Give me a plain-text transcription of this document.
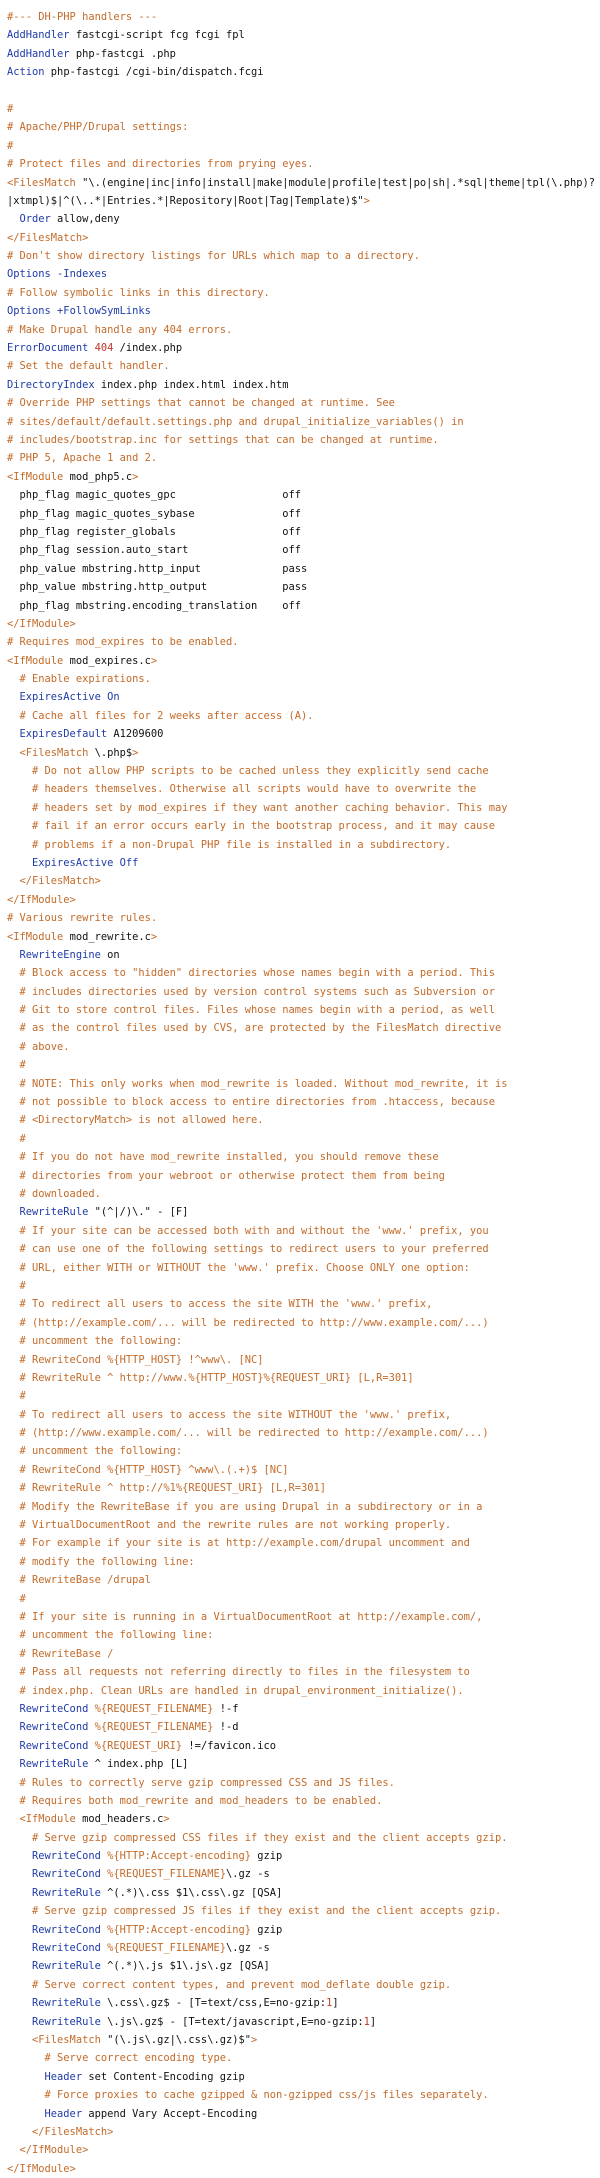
#--- DH-PHP handlers ---
AddHandler fastcgi-script fcg fcgi fpl
AddHandler php-fastcgi .php
Action php-fastcgi /cgi-bin/dispatch.fcgi

#
# Apache/PHP/Drupal settings:
#
# Protect files and directories from prying eyes.
<FilesMatch "\.(engine|inc|info|install|make|module|profile|test|po|sh|.*sql|theme|tpl(\.php)?
|xtmpl)$|^(\..*|Entries.*|Repository|Root|Tag|Template)$">
Order allow,deny
</FilesMatch>
# Don't show directory listings for URLs which map to a directory.
Options -Indexes
# Follow symbolic links in this directory.
Options +FollowSymLinks
# Make Drupal handle any 404 errors.
ErrorDocument 404 /index.php
# Set the default handler.
DirectoryIndex index.php index.html index.htm
# Override PHP settings that cannot be changed at runtime. See
# sites/default/default.settings.php and drupal_initialize_variables() in
# includes/bootstrap.inc for settings that can be changed at runtime.
# PHP 5, Apache 1 and 2.
<IfModule mod_php5.c>
php_flag magic_quotes_gpc                 off
php_flag magic_quotes_sybase              off
php_flag register_globals                 off
php_flag session.auto_start               off
php_value mbstring.http_input             pass
php_value mbstring.http_output            pass
php_flag mbstring.encoding_translation    off
</IfModule>
# Requires mod_expires to be enabled.
<IfModule mod_expires.c>
# Enable expirations.
ExpiresActive On
# Cache all files for 2 weeks after access (A).
ExpiresDefault A1209600
<FilesMatch \.php$>
# Do not allow PHP scripts to be cached unless they explicitly send cache
# headers themselves. Otherwise all scripts would have to overwrite the
# headers set by mod_expires if they want another caching behavior. This may
# fail if an error occurs early in the bootstrap process, and it may cause
# problems if a non-Drupal PHP file is installed in a subdirectory.
ExpiresActive Off
</FilesMatch>
</IfModule>
# Various rewrite rules.
<IfModule mod_rewrite.c>
RewriteEngine on
# Block access to "hidden" directories whose names begin with a period. This
# includes directories used by version control systems such as Subversion or
# Git to store control files. Files whose names begin with a period, as well
# as the control files used by CVS, are protected by the FilesMatch directive
# above.
#
# NOTE: This only works when mod_rewrite is loaded. Without mod_rewrite, it is
# not possible to block access to entire directories from .htaccess, because
# <DirectoryMatch> is not allowed here.
#
# If you do not have mod_rewrite installed, you should remove these
# directories from your webroot or otherwise protect them from being
# downloaded.
RewriteRule "(^|/)\." - [F]
# If your site can be accessed both with and without the 'www.' prefix, you
# can use one of the following settings to redirect users to your preferred
# URL, either WITH or WITHOUT the 'www.' prefix. Choose ONLY one option:
#
# To redirect all users to access the site WITH the 'www.' prefix,
# (http://example.com/... will be redirected to http://www.example.com/...)
# uncomment the following:
# RewriteCond %{HTTP_HOST} !^www\. [NC]
# RewriteRule ^ http://www.%{HTTP_HOST}%{REQUEST_URI} [L,R=301]
#
# To redirect all users to access the site WITHOUT the 'www.' prefix,
# (http://www.example.com/... will be redirected to http://example.com/...)
# uncomment the following:
# RewriteCond %{HTTP_HOST} ^www\.(.+)$ [NC]
# RewriteRule ^ http://%1%{REQUEST_URI} [L,R=301]
# Modify the RewriteBase if you are using Drupal in a subdirectory or in a
# VirtualDocumentRoot and the rewrite rules are not working properly.
# For example if your site is at http://example.com/drupal uncomment and
# modify the following line:
# RewriteBase /drupal
#
# If your site is running in a VirtualDocumentRoot at http://example.com/,
# uncomment the following line:
# RewriteBase /
# Pass all requests not referring directly to files in the filesystem to
# index.php. Clean URLs are handled in drupal_environment_initialize().
RewriteCond %{REQUEST_FILENAME} !-f
RewriteCond %{REQUEST_FILENAME} !-d
RewriteCond %{REQUEST_URI} !=/favicon.ico
RewriteRule ^ index.php [L]
# Rules to correctly serve gzip compressed CSS and JS files.
# Requires both mod_rewrite and mod_headers to be enabled.
<IfModule mod_headers.c>
# Serve gzip compressed CSS files if they exist and the client accepts gzip.
RewriteCond %{HTTP:Accept-encoding} gzip
RewriteCond %{REQUEST_FILENAME}\.gz -s
RewriteRule ^(.*)\.css $1\.css\.gz [QSA]
# Serve gzip compressed JS files if they exist and the client accepts gzip.
RewriteCond %{HTTP:Accept-encoding} gzip
RewriteCond %{REQUEST_FILENAME}\.gz -s
RewriteRule ^(.*)\.js $1\.js\.gz [QSA]
# Serve correct content types, and prevent mod_deflate double gzip.
RewriteRule \.css\.gz$ - [T=text/css,E=no-gzip:1]
RewriteRule \.js\.gz$ - [T=text/javascript,E=no-gzip:1]
<FilesMatch "(\.js\.gz|\.css\.gz)$">
# Serve correct encoding type.
Header set Content-Encoding gzip
# Force proxies to cache gzipped & non-gzipped css/js files separately.
Header append Vary Accept-Encoding
</FilesMatch>
</IfModule>
</IfModule>
